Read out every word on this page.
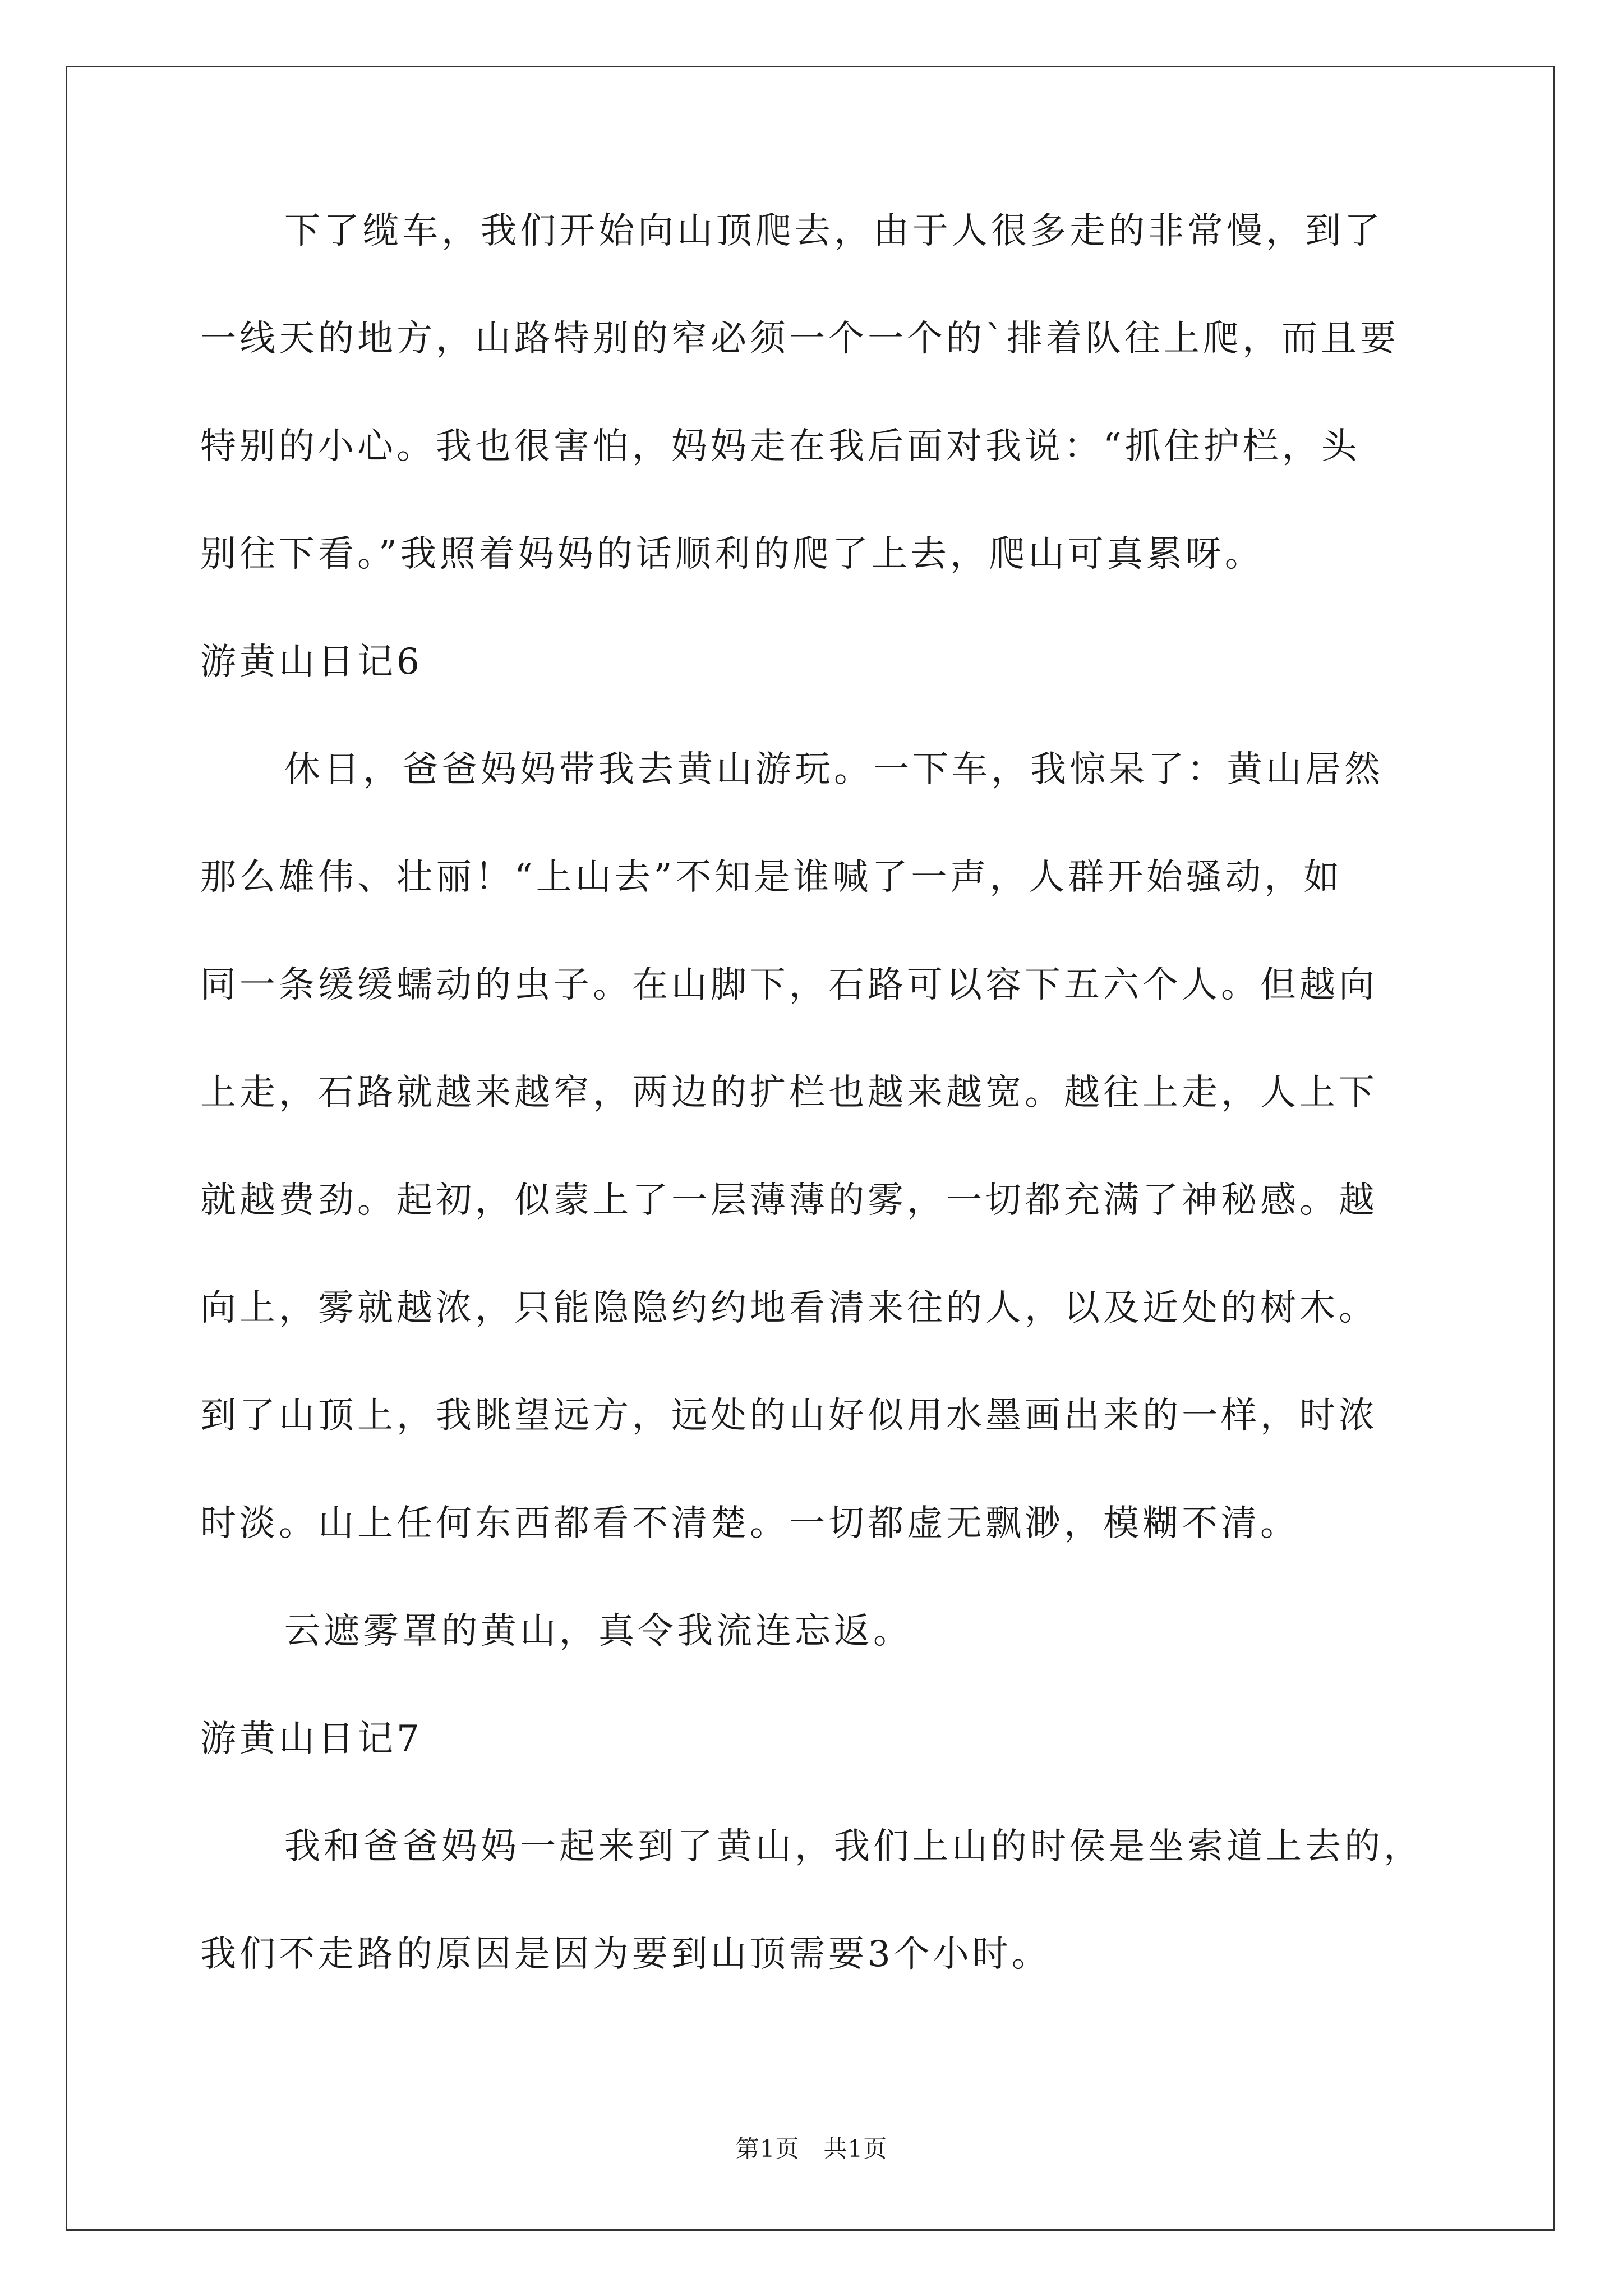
下了缆车，我们开始向山顶爬去，由于人很多走的非常慢，到了
一线天的地方，山路特别的窄必须一个一个的`排着队往上爬，而且要
特别的小心。我也很害怕，妈妈走在我后面对我说：“抓住护栏，头
别往下看。”我照着妈妈的话顺利的爬了上去，爬山可真累呀。
游黄山日记6
休日，爸爸妈妈带我去黄山游玩。一下车，我惊呆了：黄山居然
那么雄伟、壮丽！“上山去”不知是谁喊了一声，人群开始骚动，如
同一条缓缓蠕动的虫子。在山脚下，石路可以容下五六个人。但越向
上走，石路就越来越窄，两边的扩栏也越来越宽。越往上走，人上下
就越费劲。起初，似蒙上了一层薄薄的雾，一切都充满了神秘感。越
向上，雾就越浓，只能隐隐约约地看清来往的人，以及近处的树木。
到了山顶上，我眺望远方，远处的山好似用水墨画出来的一样，时浓
时淡。山上任何东西都看不清楚。一切都虚无飘渺，模糊不清。
云遮雾罩的黄山，真令我流连忘返。
游黄山日记7
我和爸爸妈妈一起来到了黄山，我们上山的时侯是坐索道上去的，
我们不走路的原因是因为要到山顶需要3个小时。
第1页　共1页
